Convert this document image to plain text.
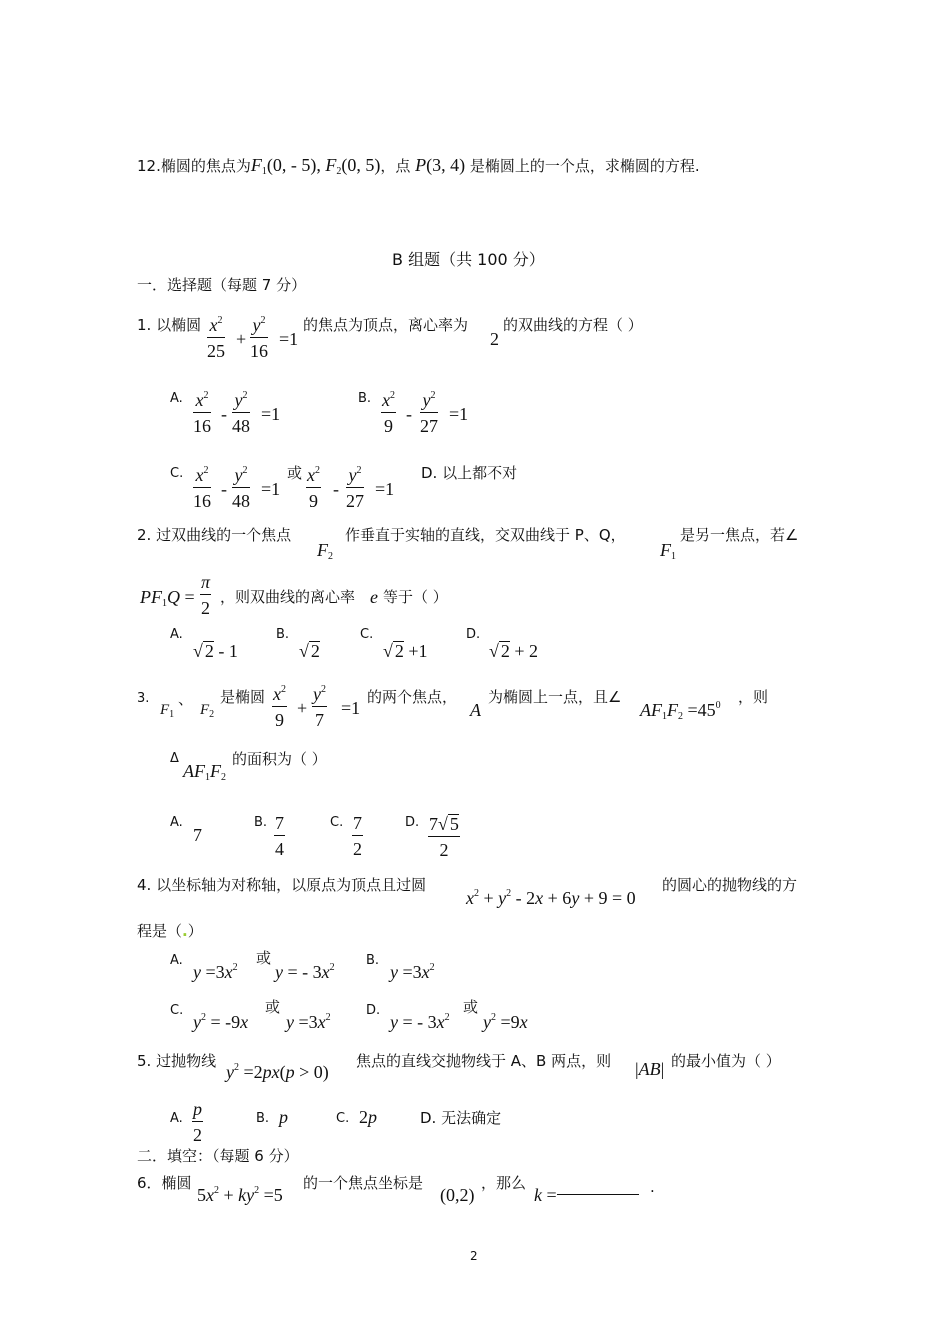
12.椭圆的焦点为$F_1(0$, - 5), $F_2(0$, 5)，点 P(3, 4) 是椭圆上的一个点，求椭圆的方程.
B 组题（共 100 分）
一．选择题（每题 7 分）
1. 以椭圆 $\frac{x^2}{25} + \frac{y^2}{16} =1$
的焦点为顶点，离心率为
2
的双曲线的方程（ ）
A. $\frac{x^2}{16} - \frac{y^2}{48} =1$
B. $\frac{x^2}{9} - \frac{y^2}{27} =1$
C. $\frac{x^2}{16} - \frac{y^2}{48} =1$
或 $\frac{x^2}{9} - \frac{y^2}{27} =1$
D. 以上都不对
2. 过双曲线的一个焦点
$F_2$
作垂直于实轴的直线，交双曲线于 P、Q，
$F_1$
是另一焦点，若∠
$PF_1Q = \frac{\pi}{2}$ ，则双曲线的离心率 e 等于（ ）
A.
√ 2 - 1
B.
√ 2
C.
√ 2 +1
D.
√ 2 + 2
3.
$F_1$
、
$F_2$
是椭圆 $\frac{x^2}{9} + \frac{y^2}{7} =1$
的两个焦点，
A
为椭圆上一点，且∠
$AF_1F_2 =45^0$ ，则
Δ
$AF_1F_2$
的面积为（ ）
A.
7
B. $\frac{7}{4}$	C. $\frac{7}{2}$	D. $\frac{7√ 5}{2}$
4. 以坐标轴为对称轴，以原点为顶点且过圆
$x^2 + y^2 - 2x + 6y + 9 = 0$
的圆心的抛物线的方
程是（.）
A.
$y =3x^2$
或
y = - $3x^2$ B.
$y =3x^2$
C.
$y^2 = -9x$
或
$y =3x^2$	D.
y = - $3x^2$
或
$y^2 =9x$
5. 过抛物线
$y^2 =2px(p > 0)$
焦点的直线交抛物线于 A、B 两点，则 |AB| 的最小值为（ ）
A. $\frac{p}{2}$	B. p	C. 2p	D. 无法确定
二．填空：（每题 6 分）
6．椭圆
$5x^2 + ky^2 =5$
的一个焦点坐标是
(0,2)
，那么
k =	.
2
